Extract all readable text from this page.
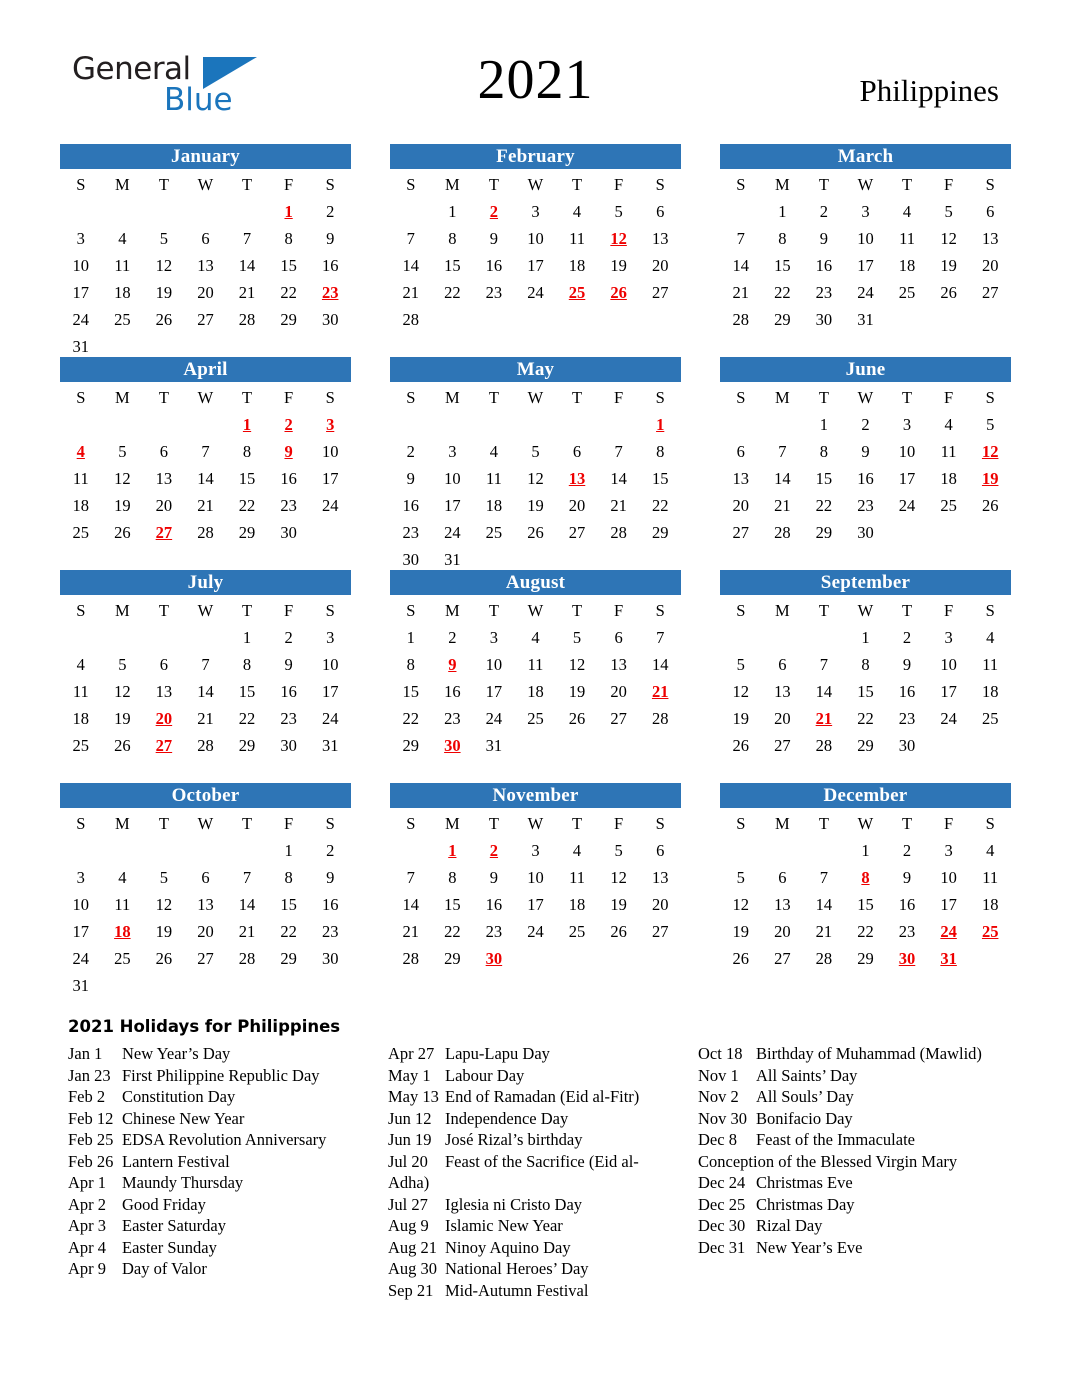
General
Blue	2021	Philippines
January
S	M	T	W	T	F	S
					1	2
3	4	5	6	7	8	9
10	11	12	13	14	15	16
17	18	19	20	21	22	23
24	25	26	27	28	29	30
31						
February
S	M	T	W	T	F	S
	1	2	3	4	5	6
7	8	9	10	11	12	13
14	15	16	17	18	19	20
21	22	23	24	25	26	27
28						
March
S	M	T	W	T	F	S
	1	2	3	4	5	6
7	8	9	10	11	12	13
14	15	16	17	18	19	20
21	22	23	24	25	26	27
28	29	30	31			
April
S	M	T	W	T	F	S
				1	2	3
4	5	6	7	8	9	10
11	12	13	14	15	16	17
18	19	20	21	22	23	24
25	26	27	28	29	30	
May
S	M	T	W	T	F	S
						1
2	3	4	5	6	7	8
9	10	11	12	13	14	15
16	17	18	19	20	21	22
23	24	25	26	27	28	29
30	31					
June
S	M	T	W	T	F	S
		1	2	3	4	5
6	7	8	9	10	11	12
13	14	15	16	17	18	19
20	21	22	23	24	25	26
27	28	29	30			
July
S	M	T	W	T	F	S
				1	2	3
4	5	6	7	8	9	10
11	12	13	14	15	16	17
18	19	20	21	22	23	24
25	26	27	28	29	30	31
August
S	M	T	W	T	F	S
1	2	3	4	5	6	7
8	9	10	11	12	13	14
15	16	17	18	19	20	21
22	23	24	25	26	27	28
29	30	31				
September
S	M	T	W	T	F	S
			1	2	3	4
5	6	7	8	9	10	11
12	13	14	15	16	17	18
19	20	21	22	23	24	25
26	27	28	29	30		
October
S	M	T	W	T	F	S
					1	2
3	4	5	6	7	8	9
10	11	12	13	14	15	16
17	18	19	20	21	22	23
24	25	26	27	28	29	30
31						
November
S	M	T	W	T	F	S
	1	2	3	4	5	6
7	8	9	10	11	12	13
14	15	16	17	18	19	20
21	22	23	24	25	26	27
28	29	30				
December
S	M	T	W	T	F	S
			1	2	3	4
5	6	7	8	9	10	11
12	13	14	15	16	17	18
19	20	21	22	23	24	25
26	27	28	29	30	31	
2021 Holidays for Philippines
Jan 1	New Year’s Day
Jan 23 First Philippine Republic Day
Feb 2	Constitution Day
Feb 12 Chinese New Year
Feb 25 EDSA Revolution Anniversary
Feb 26 Lantern Festival
Apr 1 Maundy Thursday
Apr 2 Good Friday
Apr 3 Easter Saturday
Apr 4 Easter Sunday
Apr 9 Day of Valor
Apr 27 Lapu-Lapu Day
May 1 Labour Day
May 13 End of Ramadan (Eid al-Fitr)
Jun 12 Independence Day
Jun 19 José Rizal’s birthday
Jul 20	Feast of the Sacrifice (Eid al-
Adha)
Jul 27	Iglesia ni Cristo Day
Aug 9 Islamic New Year
Aug 21 Ninoy Aquino Day
Aug 30 National Heroes’ Day
Sep 21 Mid-Autumn Festival
Oct 18 Birthday of Muhammad (Mawlid)
Nov 1	All Saints’ Day
Nov 2	All Souls’ Day
Nov 30 Bonifacio Day
Dec 8	Feast of the Immaculate
Conception of the Blessed Virgin Mary
Dec 24 Christmas Eve
Dec 25 Christmas Day
Dec 30 Rizal Day
Dec 31 New Year’s Eve
